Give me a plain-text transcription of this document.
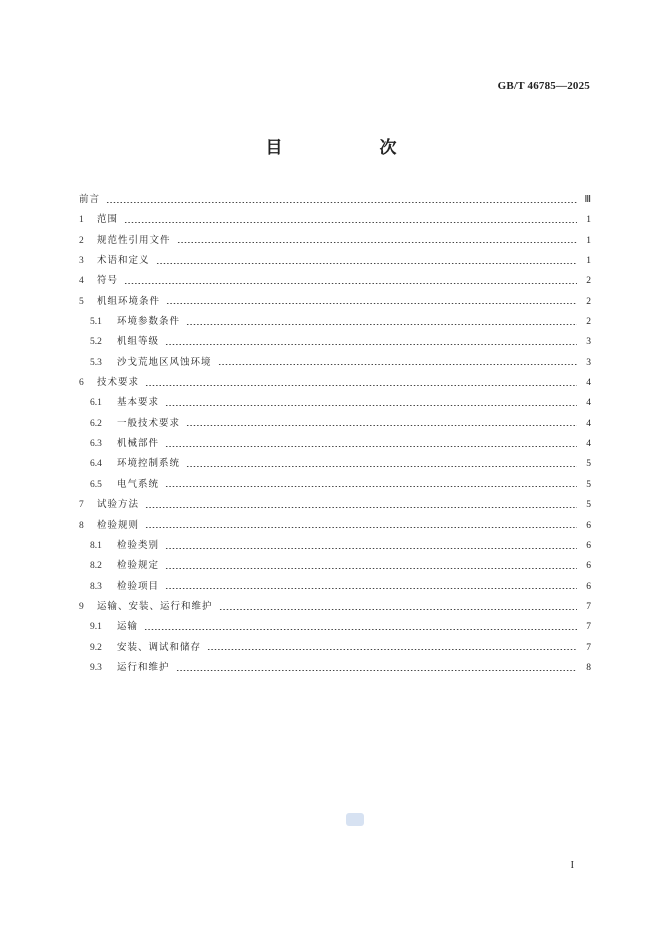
GB/T 46785—2025
目　次
前言	Ⅲ
1	范围	1
2	规范性引用文件	1
3	术语和定义	1
4	符号	2
5	机组环境条件	2
5.1	环境参数条件	2
5.2	机组等级	3
5.3	沙戈荒地区风蚀环境	3
6	技术要求	4
6.1	基本要求	4
6.2	一般技术要求	4
6.3	机械部件	4
6.4	环境控制系统	5
6.5	电气系统	5
7	试验方法	5
8	检验规则	6
8.1	检验类别	6
8.2	检验规定	6
8.3	检验项目	6
9	运输、安装、运行和维护	7
9.1	运输	7
9.2	安装、调试和储存	7
9.3	运行和维护	8
I
